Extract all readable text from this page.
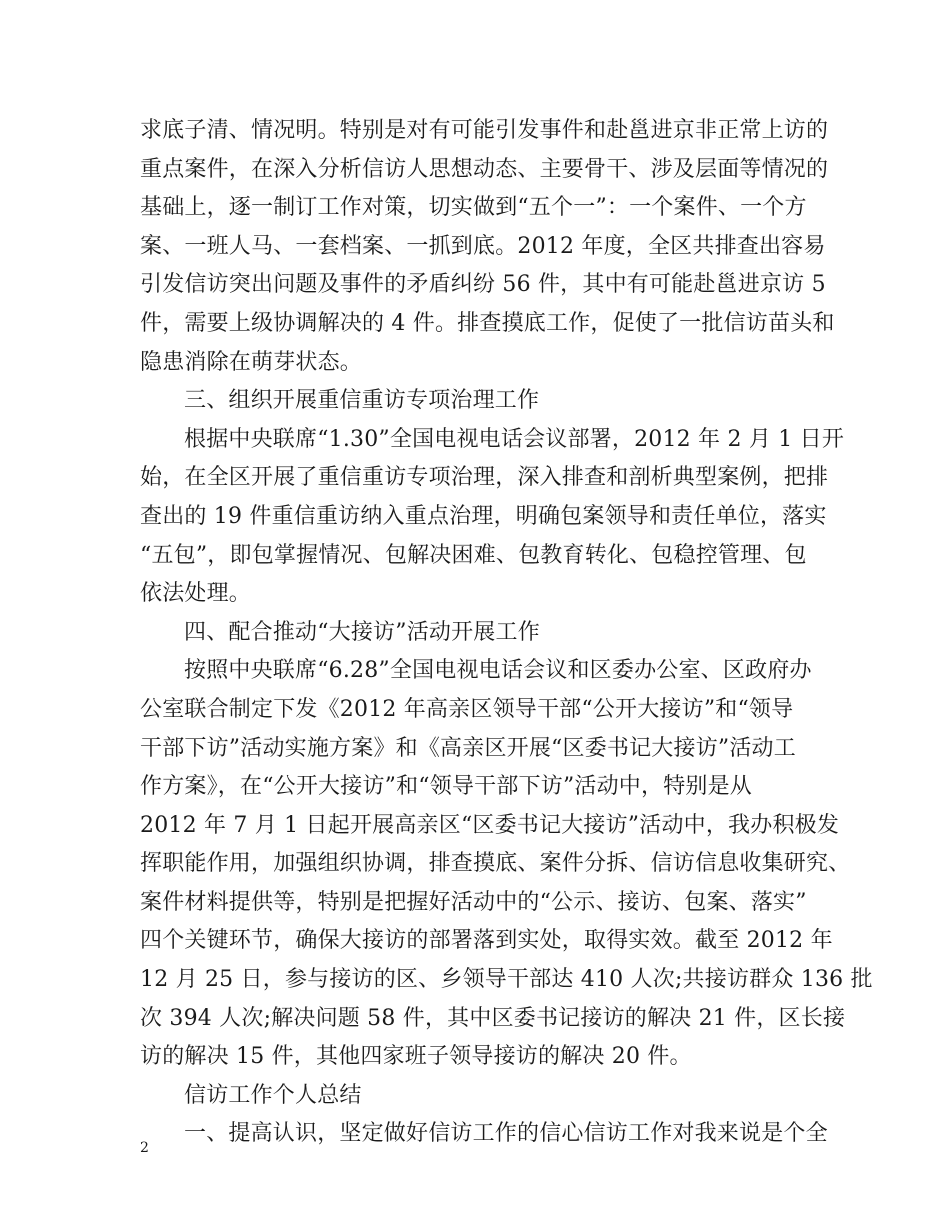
求底子清、情况明。特别是对有可能引发事件和赴邕进京非正常上访的
重点案件，在深入分析信访人思想动态、主要骨干、涉及层面等情况的
基础上，逐一制订工作对策，切实做到“五个一”：一个案件、一个方
案、一班人马、一套档案、一抓到底。2012 年度，全区共排查出容易
引发信访突出问题及事件的矛盾纠纷 56 件，其中有可能赴邕进京访 5
件，需要上级协调解决的 4 件。排查摸底工作，促使了一批信访苗头和
隐患消除在萌芽状态。
三、组织开展重信重访专项治理工作
根据中央联席“1.30”全国电视电话会议部署，2012 年 2 月 1 日开
始，在全区开展了重信重访专项治理，深入排查和剖析典型案例，把排
查出的 19 件重信重访纳入重点治理，明确包案领导和责任单位，落实
“五包”，即包掌握情况、包解决困难、包教育转化、包稳控管理、包
依法处理。
四、配合推动“大接访”活动开展工作
按照中央联席“6.28”全国电视电话会议和区委办公室、区政府办
公室联合制定下发《2012 年高亲区领导干部“公开大接访”和“领导
干部下访”活动实施方案》和《高亲区开展“区委书记大接访”活动工
作方案》，在“公开大接访”和“领导干部下访”活动中，特别是从
2012 年 7 月 1 日起开展高亲区“区委书记大接访”活动中，我办积极发
挥职能作用，加强组织协调，排查摸底、案件分拆、信访信息收集研究、
案件材料提供等，特别是把握好活动中的“公示、接访、包案、落实”
四个关键环节，确保大接访的部署落到实处，取得实效。截至 2012 年
12 月 25 日，参与接访的区、乡领导干部达 410 人次;共接访群众 136 批
次 394 人次;解决问题 58 件，其中区委书记接访的解决 21 件，区长接
访的解决 15 件，其他四家班子领导接访的解决 20 件。
信访工作个人总结
一、提高认识，坚定做好信访工作的信心信访工作对我来说是个全
2
